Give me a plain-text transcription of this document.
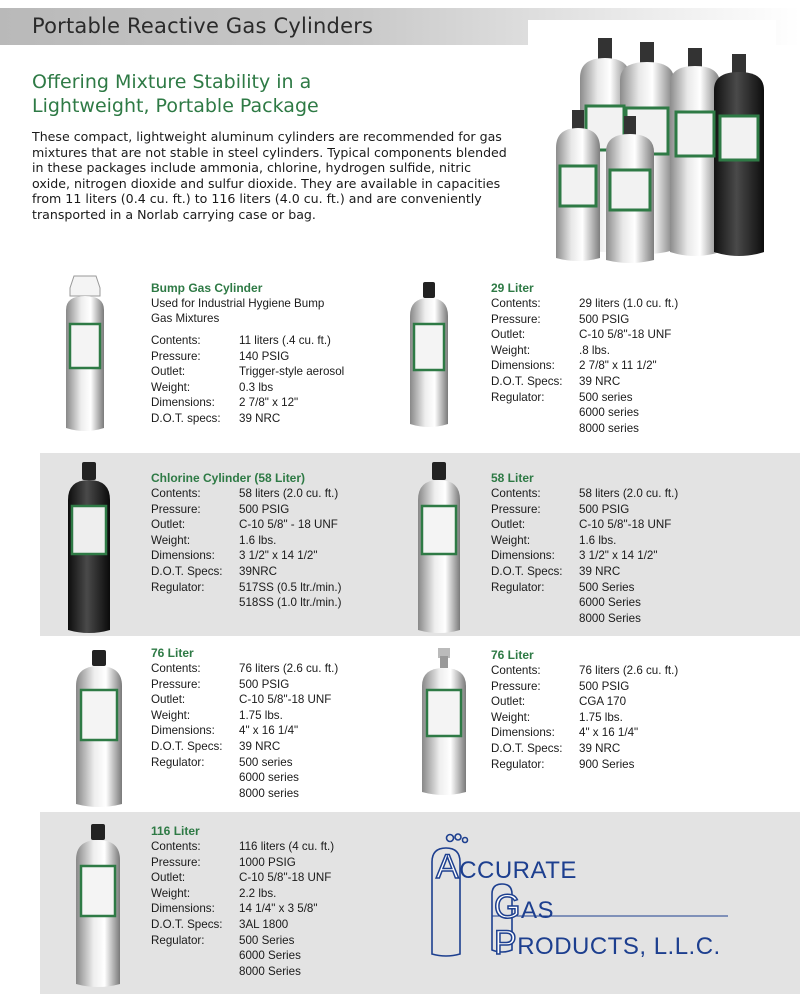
Portable Reactive Gas Cylinders
Offering Mixture Stability in a
Lightweight, Portable Package

These compact, lightweight aluminum cylinders are recommended for gas mixtures that are not stable in steel cylinders. Typical components blended in these packages include ammonia, chlorine, hydrogen sulfide, nitric oxide, nitrogen dioxide and sulfur dioxide. They are available in capacities from 11 liters (0.4 cu. ft.) to 116 liters (4.0 cu. ft.) and are conveniently transported in a Norlab carrying case or bag.

Bump Gas Cylinder
Used for Industrial Hygiene Bump
Gas Mixtures
Contents:	11 liters (.4 cu. ft.)
Pressure:	140 PSIG
Outlet:	Trigger-style aerosol
Weight:	0.3 lbs
Dimensions:	2 7/8" x 12"
D.O.T. specs:	39 NRC
29 Liter
Contents:	29 liters (1.0 cu. ft.)
Pressure:	500 PSIG
Outlet:	C-10 5/8"-18 UNF
Weight:	.8 lbs.
Dimensions:	2 7/8" x 11 1/2"
D.O.T. Specs:	39 NRC
Regulator:	500 series
6000 series
8000 series
Chlorine Cylinder (58 Liter)
Contents:	58 liters (2.0 cu. ft.)
Pressure:	500 PSIG
Outlet:	C-10 5/8" - 18 UNF
Weight:	1.6 lbs.
Dimensions:	3 1/2" x 14 1/2"
D.O.T. Specs:	39NRC
Regulator:	517SS (0.5 ltr./min.)
518SS (1.0 ltr./min.)
58 Liter
Contents:	58 liters (2.0 cu. ft.)
Pressure:	500 PSIG
Outlet:	C-10 5/8"-18 UNF
Weight:	1.6 lbs.
Dimensions:	3 1/2" x 14 1/2"
D.O.T. Specs:	39 NRC
Regulator:	500 Series
6000 Series
8000 Series
76 Liter
Contents:	76 liters (2.6 cu. ft.)
Pressure:	500 PSIG
Outlet:	C-10 5/8"-18 UNF
Weight:	1.75 lbs.
Dimensions:	4" x 16 1/4"
D.O.T. Specs:	39 NRC
Regulator:	500 series
6000 series
8000 series
76 Liter
Contents:	76 liters (2.6 cu. ft.)
Pressure:	500 PSIG
Outlet:	CGA 170
Weight:	1.75 lbs.
Dimensions:	4" x 16 1/4"
D.O.T. Specs:	39 NRC
Regulator:	900 Series
116 Liter
Contents:	116 liters (4 cu. ft.)
Pressure:	1000 PSIG
Outlet:	C-10 5/8"-18 UNF
Weight:	2.2 lbs.
Dimensions:	14 1/4" x 3 5/8"
D.O.T. Specs:	3AL 1800
Regulator:	500 Series
6000 Series
8000 Series
ACCURATE
GAS
PRODUCTS, L.L.C.
